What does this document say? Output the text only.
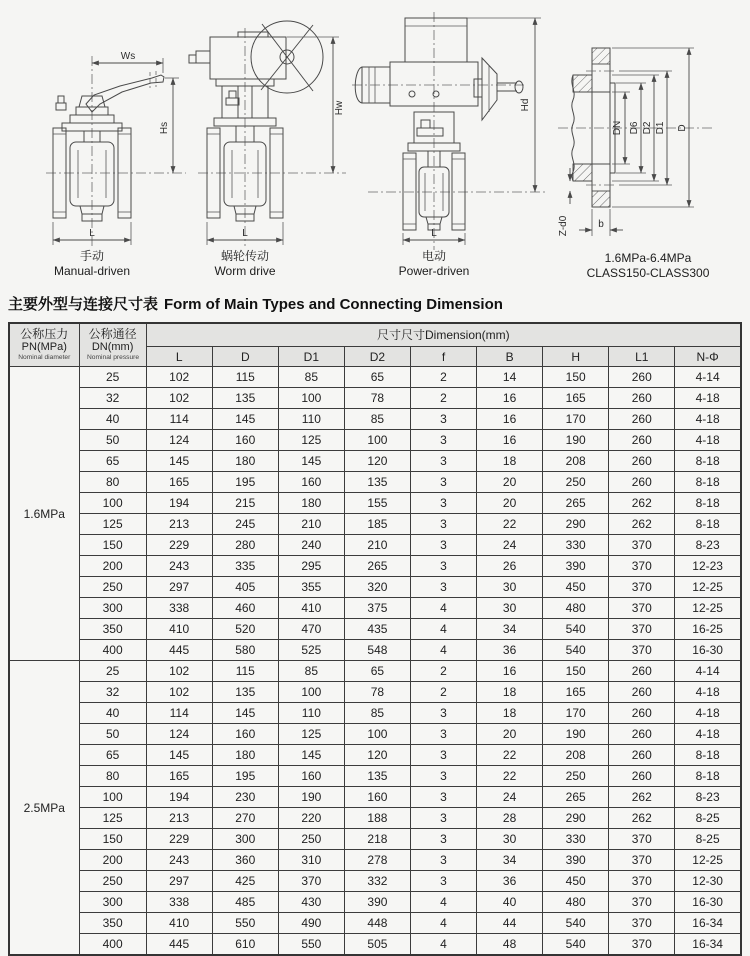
Ws
Hs
L
手动
Manual-driven
Hw
L
蜗轮传动
Worm drive
Hd
L
电动
Power-driven
DN D6 D2 D1 D
Z-d0	b
1.6MPa-6.4MPa
CLASS150-CLASS300
主要外型与连接尺寸表 Form of Main Types and Connecting Dimension
公称压力
PN(MPa)
Nominal diameter

公称通径
DN(mm)
Nominal pressure
	尺寸尺寸Dimension(mm)
		L	D	D1	D2	f	B	H	L1	N-Φ
1.6MPa	25	102	115	85	65	2	14	150	260	4-14
	32	102	135	100	78	2	16	165	260	4-18
	40	114	145	110	85	3	16	170	260	4-18
	50	124	160	125	100	3	16	190	260	4-18
	65	145	180	145	120	3	18	208	260	8-18
	80	165	195	160	135	3	20	250	260	8-18
	100	194	215	180	155	3	20	265	262	8-18
	125	213	245	210	185	3	22	290	262	8-18
	150	229	280	240	210	3	24	330	370	8-23
	200	243	335	295	265	3	26	390	370	12-23
	250	297	405	355	320	3	30	450	370	12-25
	300	338	460	410	375	4	30	480	370	12-25
	350	410	520	470	435	4	34	540	370	16-25
	400	445	580	525	548	4	36	540	370	16-30
2.5MPa	25	102	115	85	65	2	16	150	260	4-14
	32	102	135	100	78	2	18	165	260	4-18
	40	114	145	110	85	3	18	170	260	4-18
	50	124	160	125	100	3	20	190	260	4-18
	65	145	180	145	120	3	22	208	260	8-18
	80	165	195	160	135	3	22	250	260	8-18
	100	194	230	190	160	3	24	265	262	8-23
	125	213	270	220	188	3	28	290	262	8-25
	150	229	300	250	218	3	30	330	370	8-25
	200	243	360	310	278	3	34	390	370	12-25
	250	297	425	370	332	3	36	450	370	12-30
	300	338	485	430	390	4	40	480	370	16-30
	350	410	550	490	448	4	44	540	370	16-34
	400	445	610	550	505	4	48	540	370	16-34
